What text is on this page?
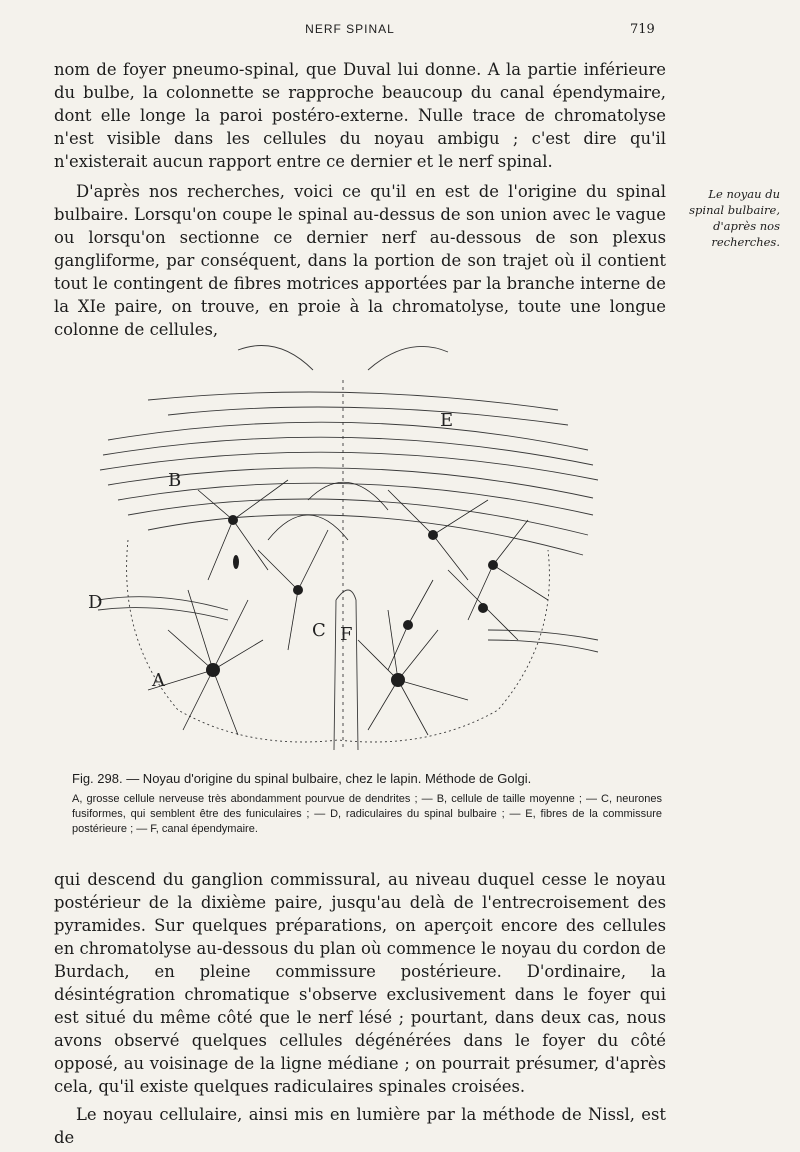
NERF SPINAL	719

nom de foyer pneumo-spinal, que Duval lui donne. A la partie inférieure du bulbe, la colonnette se rapproche beaucoup du canal épendymaire, dont elle longe la paroi postéro-externe. Nulle trace de chromatolyse n'est visible dans les cellules du noyau ambigu ; c'est dire qu'il n'existerait aucun rapport entre ce dernier et le nerf spinal.

D'après nos recherches, voici ce qu'il en est de l'origine du spinal bulbaire. Lorsqu'on coupe le spinal au-dessus de son union avec le vague ou lorsqu'on sectionne ce dernier nerf au-dessous de son plexus gangliforme, par conséquent, dans la portion de son trajet où il contient tout le contingent de fibres motrices apportées par la branche interne de la XIe paire, on trouve, en proie à la chromatolyse, toute une longue colonne de cellules,

Le noyau du spinal bulbaire, d'après nos recherches.
B
E
D
C F
A
Fig. 298. — Noyau d'origine du spinal bulbaire, chez le lapin. Méthode de Golgi.
A, grosse cellule nerveuse très abondamment pourvue de dendrites ; — B, cellule de taille moyenne ; — C, neurones fusiformes, qui semblent être des funiculaires ; — D, radiculaires du spinal bulbaire ; — E, fibres de la commissure postérieure ; — F, canal épendymaire.

qui descend du ganglion commissural, au niveau duquel cesse le noyau postérieur de la dixième paire, jusqu'au delà de l'entrecroisement des pyramides. Sur quelques préparations, on aperçoit encore des cellules en chromatolyse au-dessous du plan où commence le noyau du cordon de Burdach, en pleine commissure postérieure. D'ordinaire, la désintégration chromatique s'observe exclusivement dans le foyer qui est situé du même côté que le nerf lésé ; pourtant, dans deux cas, nous avons observé quelques cellules dégénérées dans le foyer du côté opposé, au voisinage de la ligne médiane ; on pourrait présumer, d'après cela, qu'il existe quelques radiculaires spinales croisées.

Le noyau cellulaire, ainsi mis en lumière par la méthode de Nissl, est de
